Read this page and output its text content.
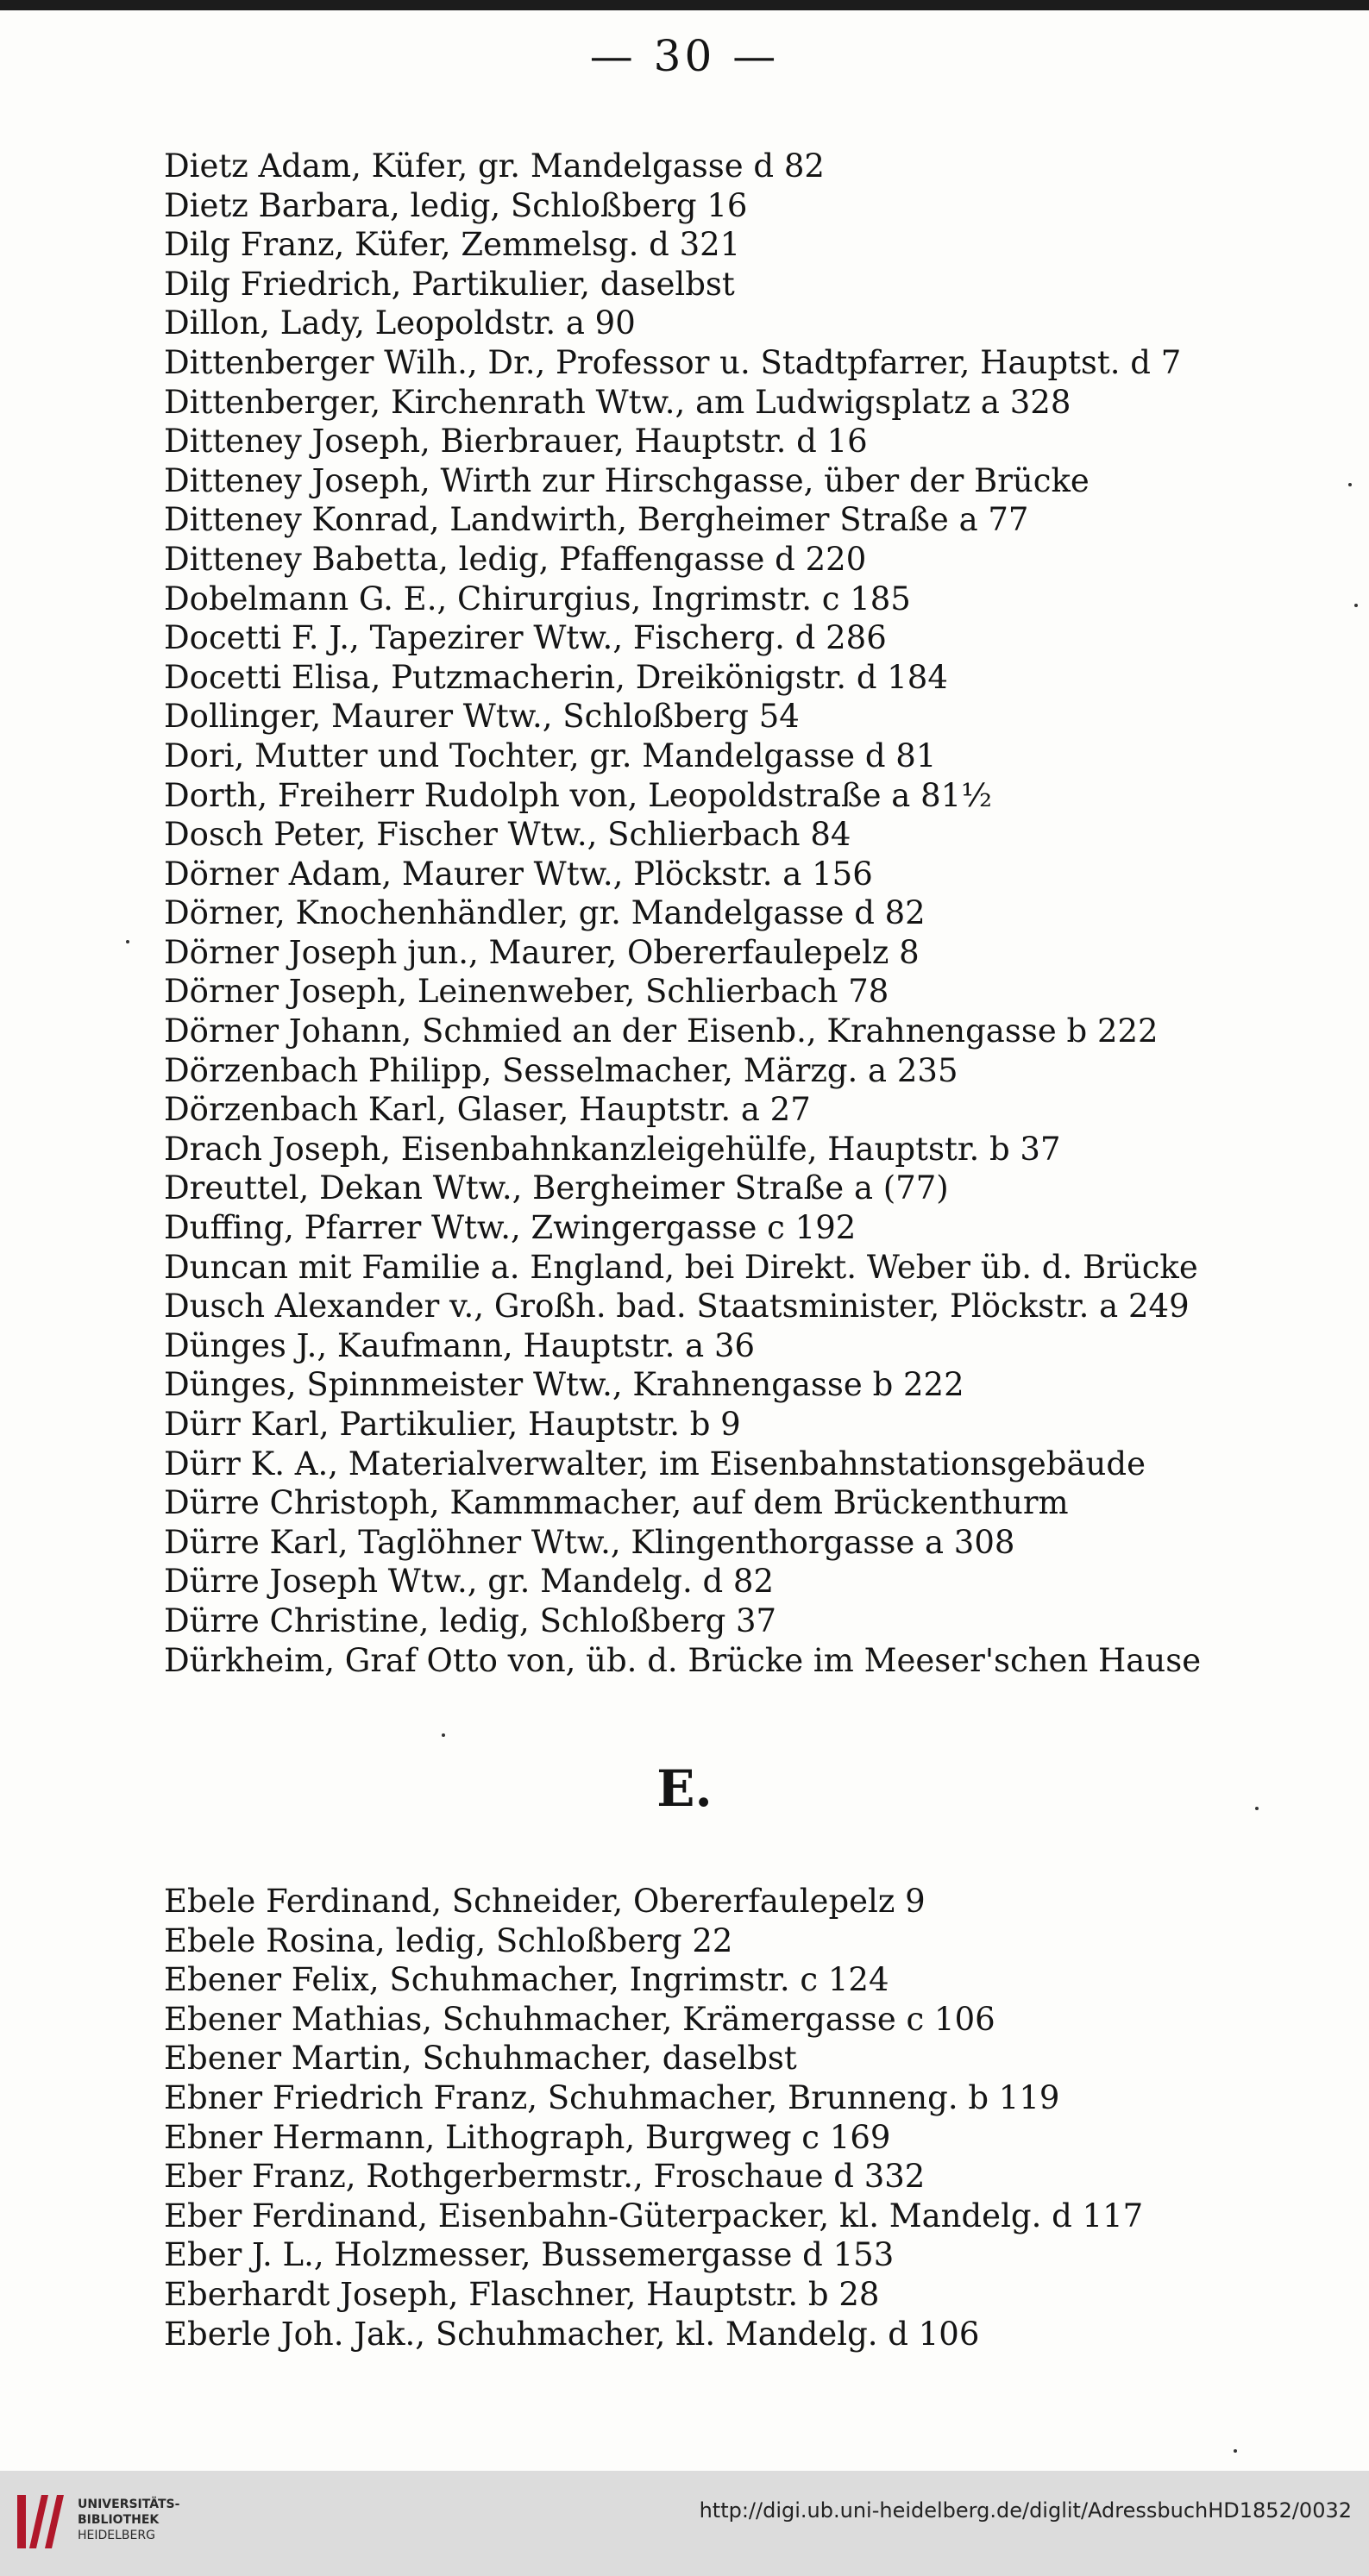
— 30 —
Dietz Adam, Küfer, gr. Mandelgasse d 82
Dietz Barbara, ledig, Schloßberg 16
Dilg Franz, Küfer, Zemmelsg. d 321
Dilg Friedrich, Partikulier, daselbst
Dillon, Lady, Leopoldstr. a 90
Dittenberger Wilh., Dr., Professor u. Stadtpfarrer, Hauptst. d 7
Dittenberger, Kirchenrath Wtw., am Ludwigsplatz a 328
Ditteney Joseph, Bierbrauer, Hauptstr. d 16
Ditteney Joseph, Wirth zur Hirschgasse, über der Brücke
Ditteney Konrad, Landwirth, Bergheimer Straße a 77
Ditteney Babetta, ledig, Pfaffengasse d 220
Dobelmann G. E., Chirurgius, Ingrimstr. c 185
Docetti F. J., Tapezirer Wtw., Fischerg. d 286
Docetti Elisa, Putzmacherin, Dreikönigstr. d 184
Dollinger, Maurer Wtw., Schloßberg 54
Dori, Mutter und Tochter, gr. Mandelgasse d 81
Dorth, Freiherr Rudolph von, Leopoldstraße a 81½
Dosch Peter, Fischer Wtw., Schlierbach 84
Dörner Adam, Maurer Wtw., Plöckstr. a 156
Dörner, Knochenhändler, gr. Mandelgasse d 82
Dörner Joseph jun., Maurer, Obererfaulepelz 8
Dörner Joseph, Leinenweber, Schlierbach 78
Dörner Johann, Schmied an der Eisenb., Krahnengasse b 222
Dörzenbach Philipp, Sesselmacher, Märzg. a 235
Dörzenbach Karl, Glaser, Hauptstr. a 27
Drach Joseph, Eisenbahnkanzleigehülfe, Hauptstr. b 37
Dreuttel, Dekan Wtw., Bergheimer Straße a (77)
Duffing, Pfarrer Wtw., Zwingergasse c 192
Duncan mit Familie a. England, bei Direkt. Weber üb. d. Brücke
Dusch Alexander v., Großh. bad. Staatsminister, Plöckstr. a 249
Dünges J., Kaufmann, Hauptstr. a 36
Dünges, Spinnmeister Wtw., Krahnengasse b 222
Dürr Karl, Partikulier, Hauptstr. b 9
Dürr K. A., Materialverwalter, im Eisenbahnstationsgebäude
Dürre Christoph, Kammmacher, auf dem Brückenthurm
Dürre Karl, Taglöhner Wtw., Klingenthorgasse a 308
Dürre Joseph Wtw., gr. Mandelg. d 82
Dürre Christine, ledig, Schloßberg 37
Dürkheim, Graf Otto von, üb. d. Brücke im Meeser'schen Hause
E.
Ebele Ferdinand, Schneider, Obererfaulepelz 9
Ebele Rosina, ledig, Schloßberg 22
Ebener Felix, Schuhmacher, Ingrimstr. c 124
Ebener Mathias, Schuhmacher, Krämergasse c 106
Ebener Martin, Schuhmacher, daselbst
Ebner Friedrich Franz, Schuhmacher, Brunneng. b 119
Ebner Hermann, Lithograph, Burgweg c 169
Eber Franz, Rothgerbermstr., Froschaue d 332
Eber Ferdinand, Eisenbahn-Güterpacker, kl. Mandelg. d 117
Eber J. L., Holzmesser, Bussemergasse d 153
Eberhardt Joseph, Flaschner, Hauptstr. b 28
Eberle Joh. Jak., Schuhmacher, kl. Mandelg. d 106
UNIVERSITÄTS-
BIBLIOTHEK
HEIDELBERG
http://digi.ub.uni-heidelberg.de/diglit/AdressbuchHD1852/0032
